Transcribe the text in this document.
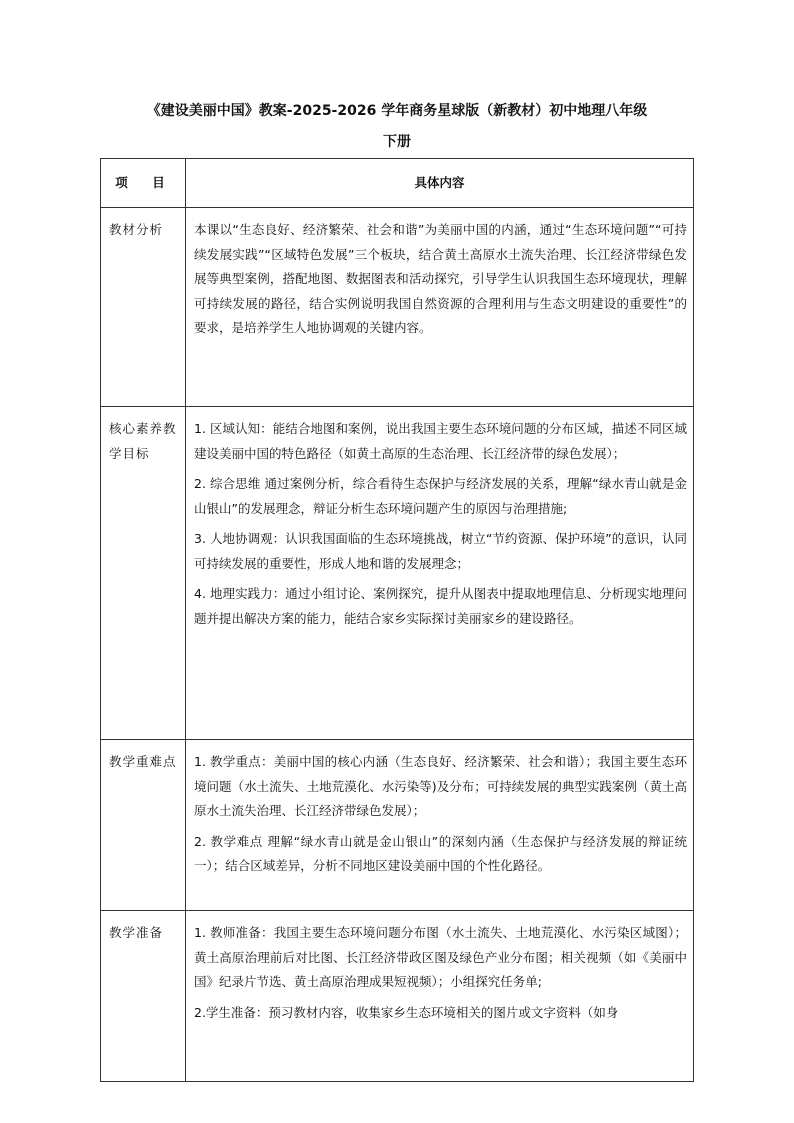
《建设美丽中国》教案-2025-2026 学年商务星球版（新教材）初中地理八年级
下册
项　目	具体内容
教材分析	本课以“生态良好、经济繁荣、社会和谐”为美丽中国的内涵，通过“生态环境问题”“可持续发展实践”“区域特色发展”三个板块，结合黄土高原水土流失治理、长江经济带绿色发展等典型案例，搭配地图、数据图表和活动探究，引导学生认识我国生态环境现状，理解可持续发展的路径，结合实例说明我国自然资源的合理利用与生态文明建设的重要性”的要求，是培养学生人地协调观的关键内容。

核心素养教学目标	1. 区域认知：能结合地图和案例，说出我国主要生态环境问题的分布区域，描述不同区域建设美丽中国的特色路径（如黄土高原的生态治理、长江经济带的绿色发展）；
2. 综合思维 通过案例分析，综合看待生态保护与经济发展的关系，理解“绿水青山就是金山银山”的发展理念，辩证分析生态环境问题产生的原因与治理措施;
3. 人地协调观：认识我国面临的生态环境挑战，树立“节约资源、保护环境”的意识，认同可持续发展的重要性，形成人地和谐的发展理念；
4. 地理实践力：通过小组讨论、案例探究，提升从图表中提取地理信息、分析现实地理问题并提出解决方案的能力，能结合家乡实际探讨美丽家乡的建设路径。

教学重难点	1. 教学重点：美丽中国的核心内涵（生态良好、经济繁荣、社会和谐）；我国主要生态环境问题（水土流失、土地荒漠化、水污染等)及分布；可持续发展的典型实践案例（黄土高原水土流失治理、长江经济带绿色发展）；
2. 教学难点 理解“绿水青山就是金山银山”的深刻内涵（生态保护与经济发展的辩证统一）；结合区域差异，分析不同地区建设美丽中国的个性化路径。

教学准备	1. 教师准备：我国主要生态环境问题分布图（水土流失、土地荒漠化、水污染区域图）；黄土高原治理前后对比图、长江经济带政区图及绿色产业分布图；相关视频（如《美丽中国》纪录片节选、黄土高原治理成果短视频）；小组探究任务单;
2.学生准备：预习教材内容，收集家乡生态环境相关的图片或文字资料（如身
